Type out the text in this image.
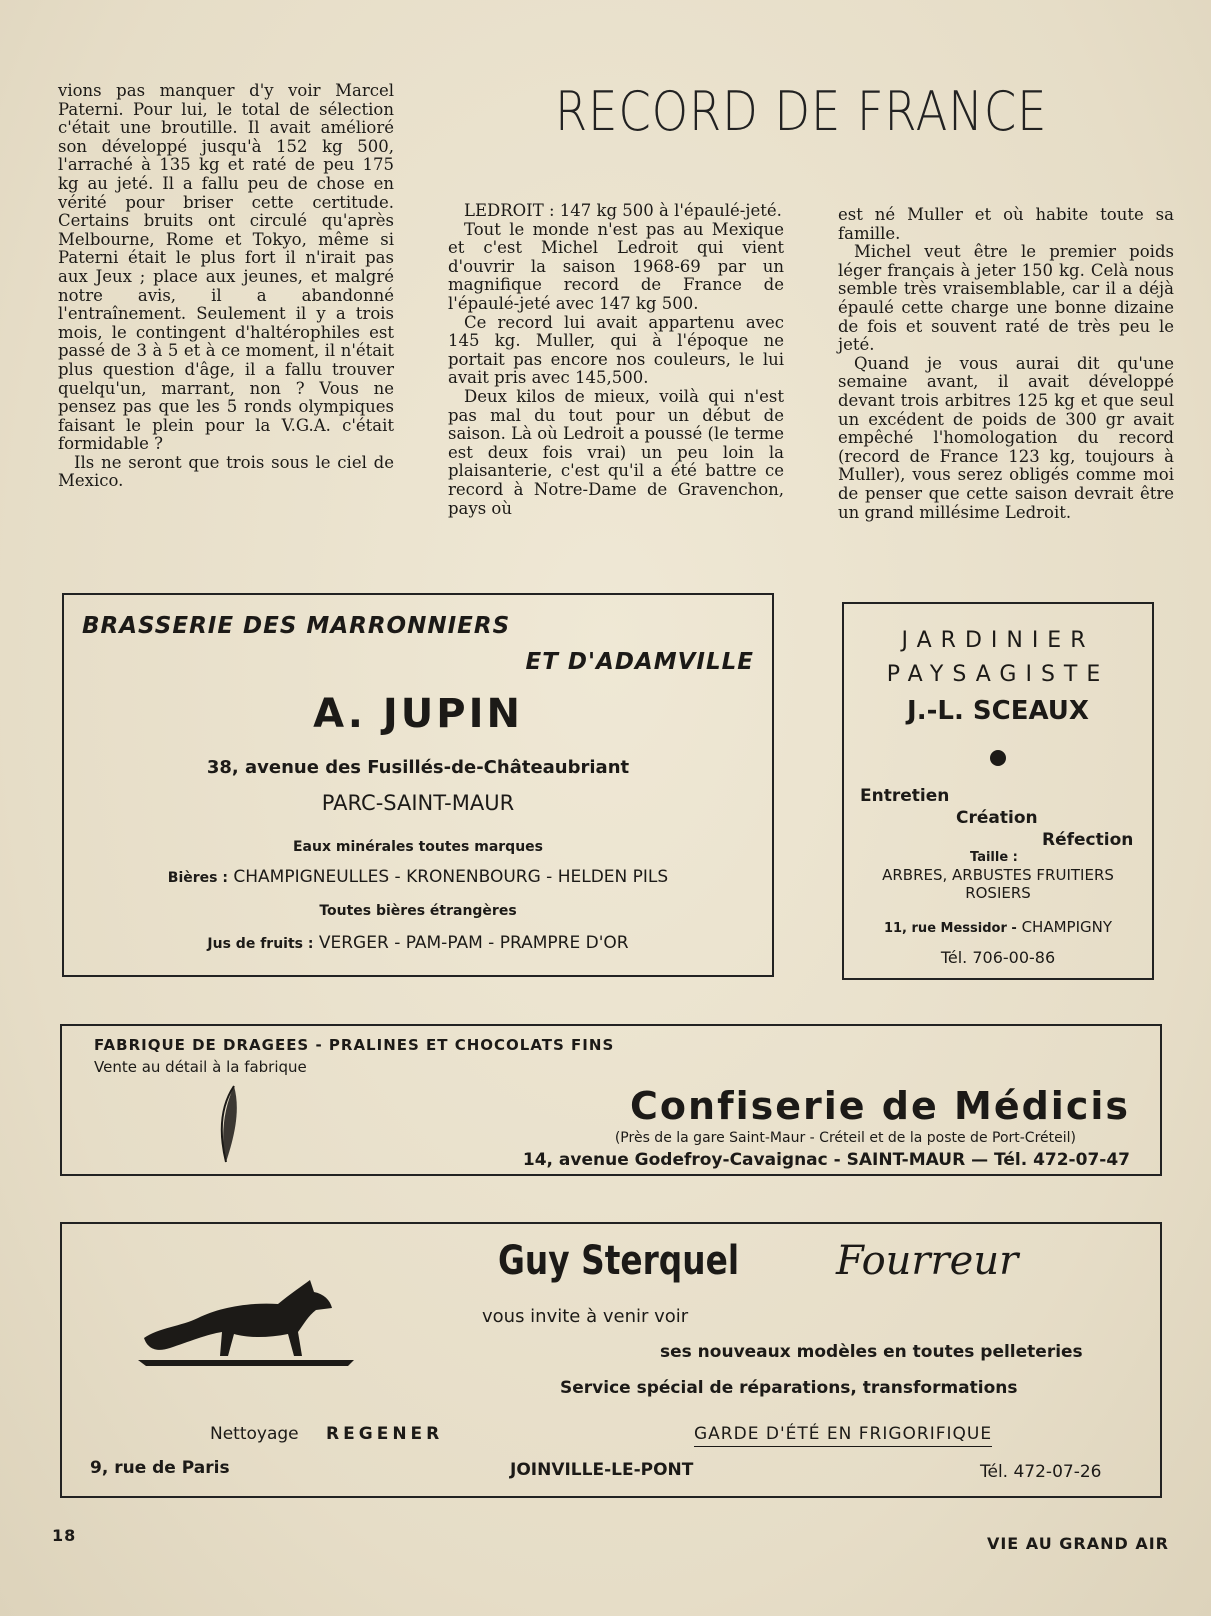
vions pas manquer d'y voir Marcel Paterni. Pour lui, le total de sélection c'était une broutille. Il avait amélioré son développé jusqu'à 152 kg 500, l'arraché à 135 kg et raté de peu 175 kg au jeté. Il a fallu peu de chose en vérité pour briser cette certitude. Certains bruits ont circulé qu'après Melbourne, Rome et Tokyo, même si Paterni était le plus fort il n'irait pas aux Jeux ; place aux jeunes, et malgré notre avis, il a abandonné l'entraînement. Seulement il y a trois mois, le contingent d'haltérophiles est passé de 3 à 5 et à ce moment, il n'était plus question d'âge, il a fallu trouver quelqu'un, marrant, non ? Vous ne pensez pas que les 5 ronds olympiques faisant le plein pour la V.G.A. c'était formidable ?

Ils ne seront que trois sous le ciel de Mexico.

RECORD DE FRANCE

LEDROIT : 147 kg 500 à l'épaulé-jeté.

Tout le monde n'est pas au Mexique et c'est Michel Ledroit qui vient d'ouvrir la saison 1968-69 par un magnifique record de France de l'épaulé-jeté avec 147 kg 500.

Ce record lui avait appartenu avec 145 kg. Muller, qui à l'époque ne portait pas encore nos couleurs, le lui avait pris avec 145,500.

Deux kilos de mieux, voilà qui n'est pas mal du tout pour un début de saison. Là où Ledroit a poussé (le terme est deux fois vrai) un peu loin la plaisanterie, c'est qu'il a été battre ce record à Notre-Dame de Gravenchon, pays où

est né Muller et où habite toute sa famille.

Michel veut être le premier poids léger français à jeter 150 kg. Celà nous semble très vraisemblable, car il a déjà épaulé cette charge une bonne dizaine de fois et souvent raté de très peu le jeté.

Quand je vous aurai dit qu'une semaine avant, il avait développé devant trois arbitres 125 kg et que seul un excédent de poids de 300 gr avait empêché l'homologation du record (record de France 123 kg, toujours à Muller), vous serez obligés comme moi de penser que cette saison devrait être un grand millésime Ledroit.

BRASSERIE DES MARRONNIERS
ET D'ADAMVILLE
A. JUPIN
38, avenue des Fusillés-de-Châteaubriant
PARC-SAINT-MAUR
Eaux minérales toutes marques
Bières : CHAMPIGNEULLES - KRONENBOURG - HELDEN PILS
Toutes bières étrangères
Jus de fruits : VERGER - PAM-PAM - PRAMPRE D'OR
JARDINIER
PAYSAGISTE
J.-L. SCEAUX
Entretien
Création
Réfection
Taille :
ARBRES, ARBUSTES FRUITIERS
ROSIERS
11, rue Messidor - CHAMPIGNY
Tél. 706-00-86
FABRIQUE DE DRAGEES - PRALINES ET CHOCOLATS FINS
Vente au détail à la fabrique
Confiserie de Médicis
(Près de la gare Saint-Maur - Créteil et de la poste de Port-Créteil)
14, avenue Godefroy-Cavaignac - SAINT-MAUR — Tél. 472-07-47
Guy Sterquel Fourreur
vous invite à venir voir
ses nouveaux modèles en toutes pelleteries
Service spécial de réparations, transformations
Nettoyage REGENER	GARDE D'ÉTÉ EN FRIGORIFIQUE
9, rue de Paris	JOINVILLE-LE-PONT	Tél. 472-07-26
18	VIE AU GRAND AIR
